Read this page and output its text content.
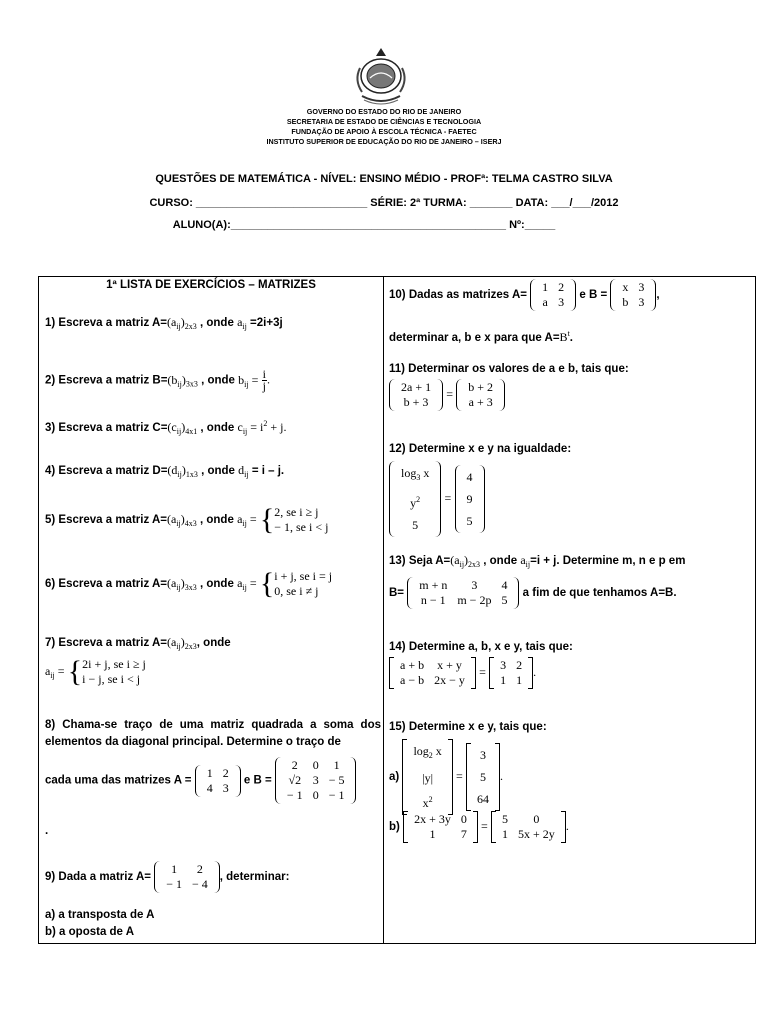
GOVERNO DO ESTADO DO RIO DE JANEIRO
SECRETARIA DE ESTADO DE CIÊNCIAS E TECNOLOGIA
FUNDAÇÃO DE APOIO À ESCOLA TÉCNICA - FAETEC
INSTITUTO SUPERIOR DE EDUCAÇÃO DO RIO DE JANEIRO – ISERJ
QUESTÕES DE MATEMÁTICA - NÍVEL: ENSINO MÉDIO - PROFª: TELMA CASTRO SILVA
CURSO: ____________________________ SÉRIE: 2ª TURMA: _______ DATA: ___/___/2012
ALUNO(A):_____________________________________________ Nº:_____
1ª LISTA DE EXERCÍCIOS – MATRIZES
1) Escreva a matriz $A=(a_{ij})_{2x3}$ , onde $a_{ij} =2i+3j$
2) Escreva a matriz $B=(b_{ij})_{3x3}$ , onde $b_{ij} = \frac{i}{j}$ .
3) Escreva a matriz $C=(c_{ij})_{4x1}$ , onde $c_{ij} = i^2 + j$.
4) Escreva a matriz $D=(d_{ij})_{1x3}$ , onde $d_{ij} = i - j$.
5) Escreva a matriz $A=(a_{ij})_{4x3}$ , onde $a_{ij}$ = { 2, se i ≥ j
− 1, se i < j
6) Escreva a matriz $A=(a_{ij})_{3x3}$ , onde $a_{ij}$ = { i + j, se i = j
0, se i ≠ j
7) Escreva a matriz $A=(a_{ij})_{2x3}$, onde
$a_{ij}$ = { 2i + j, se i ≥ j
i − j, se i < j
8) Chama-se traço de uma matriz quadrada a soma dos elementos da diagonal principal. Determine o traço de
cada uma das matrizes A =
1	2
4	3 e B =
2	0	1
√2	3	− 5
− 1	0	− 1
.
9) Dada a matriz A=
1	2
− 1	− 4 , determinar:
a) a transposta de A
b) a oposta de A
10) Dadas as matrizes A=
1	2
a	3 e B =
x	3
b	3 ,
determinar a, b e x para que $A=B^t$.
11) Determinar os valores de a e b, tais que:
2a + 1
b + 3
=
b + 2
a + 3
12) Determine x e y na igualdade:
$\log_3 x$
$y^2$
5
=
4
9
5
13) Seja $A=(a_{ij})_{2x3}$ , onde $a_{ij}=i + j$. Determine m, n e p em
B=
m + n	3	4
n − 1	m − 2p	5 a fim de que tenhamos A=B.
14) Determine a, b, x e y, tais que:
a + b	x + y
a − b	2x − y
=
3	2
1	1
.
15) Determine x e y, tais que:
a)
$\log_2 x$
|y|
$x^2$
=
3
5
64
.
b)
2x + 3y	0
1	7
=
5	0
1	5x + 2y
.
